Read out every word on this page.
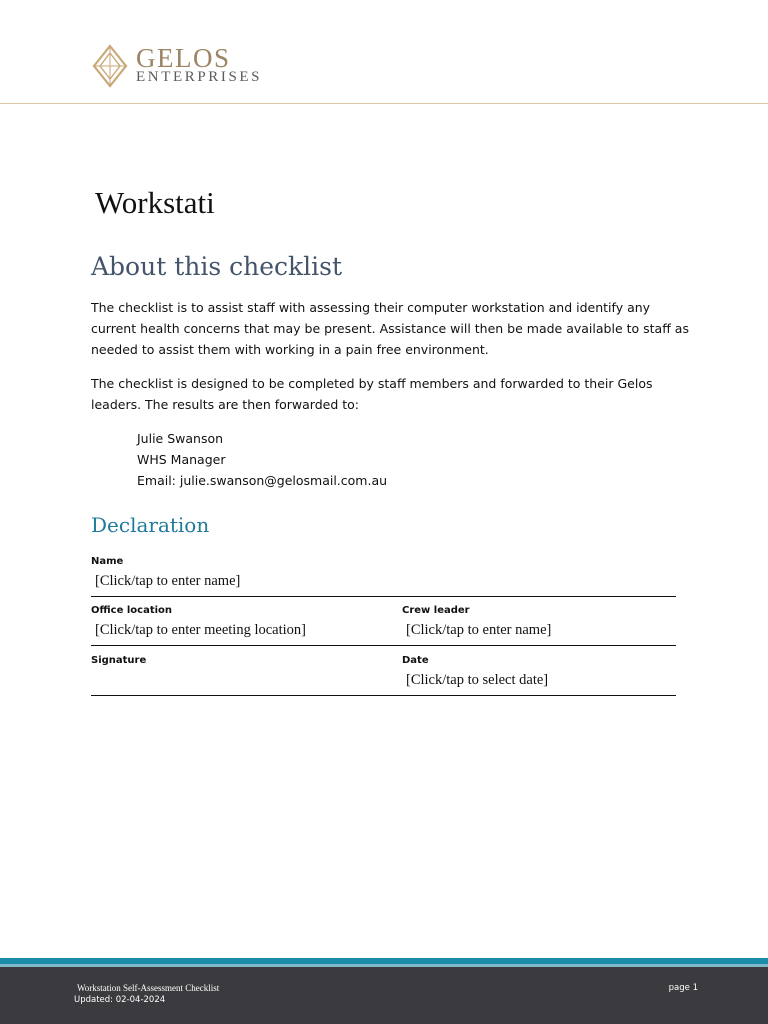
GELOS
ENTERPRISES
Workstati
About this checklist
The checklist is to assist staff with assessing their computer workstation and identify any current health concerns that may be present. Assistance will then be made available to staff as needed to assist them with working in a pain free environment.
The checklist is designed to be completed by staff members and forwarded to their Gelos leaders. The results are then forwarded to:
Julie Swanson
WHS Manager
Email: julie.swanson@gelosmail.com.au
Declaration
Name
[Click/tap to enter name]
Office location
[Click/tap to enter meeting location]
Crew leader
[Click/tap to enter name]
Signature	Date
[Click/tap to select date]
Workstation Self-Assessment Checklist
Updated: 02-04-2024
page 1
